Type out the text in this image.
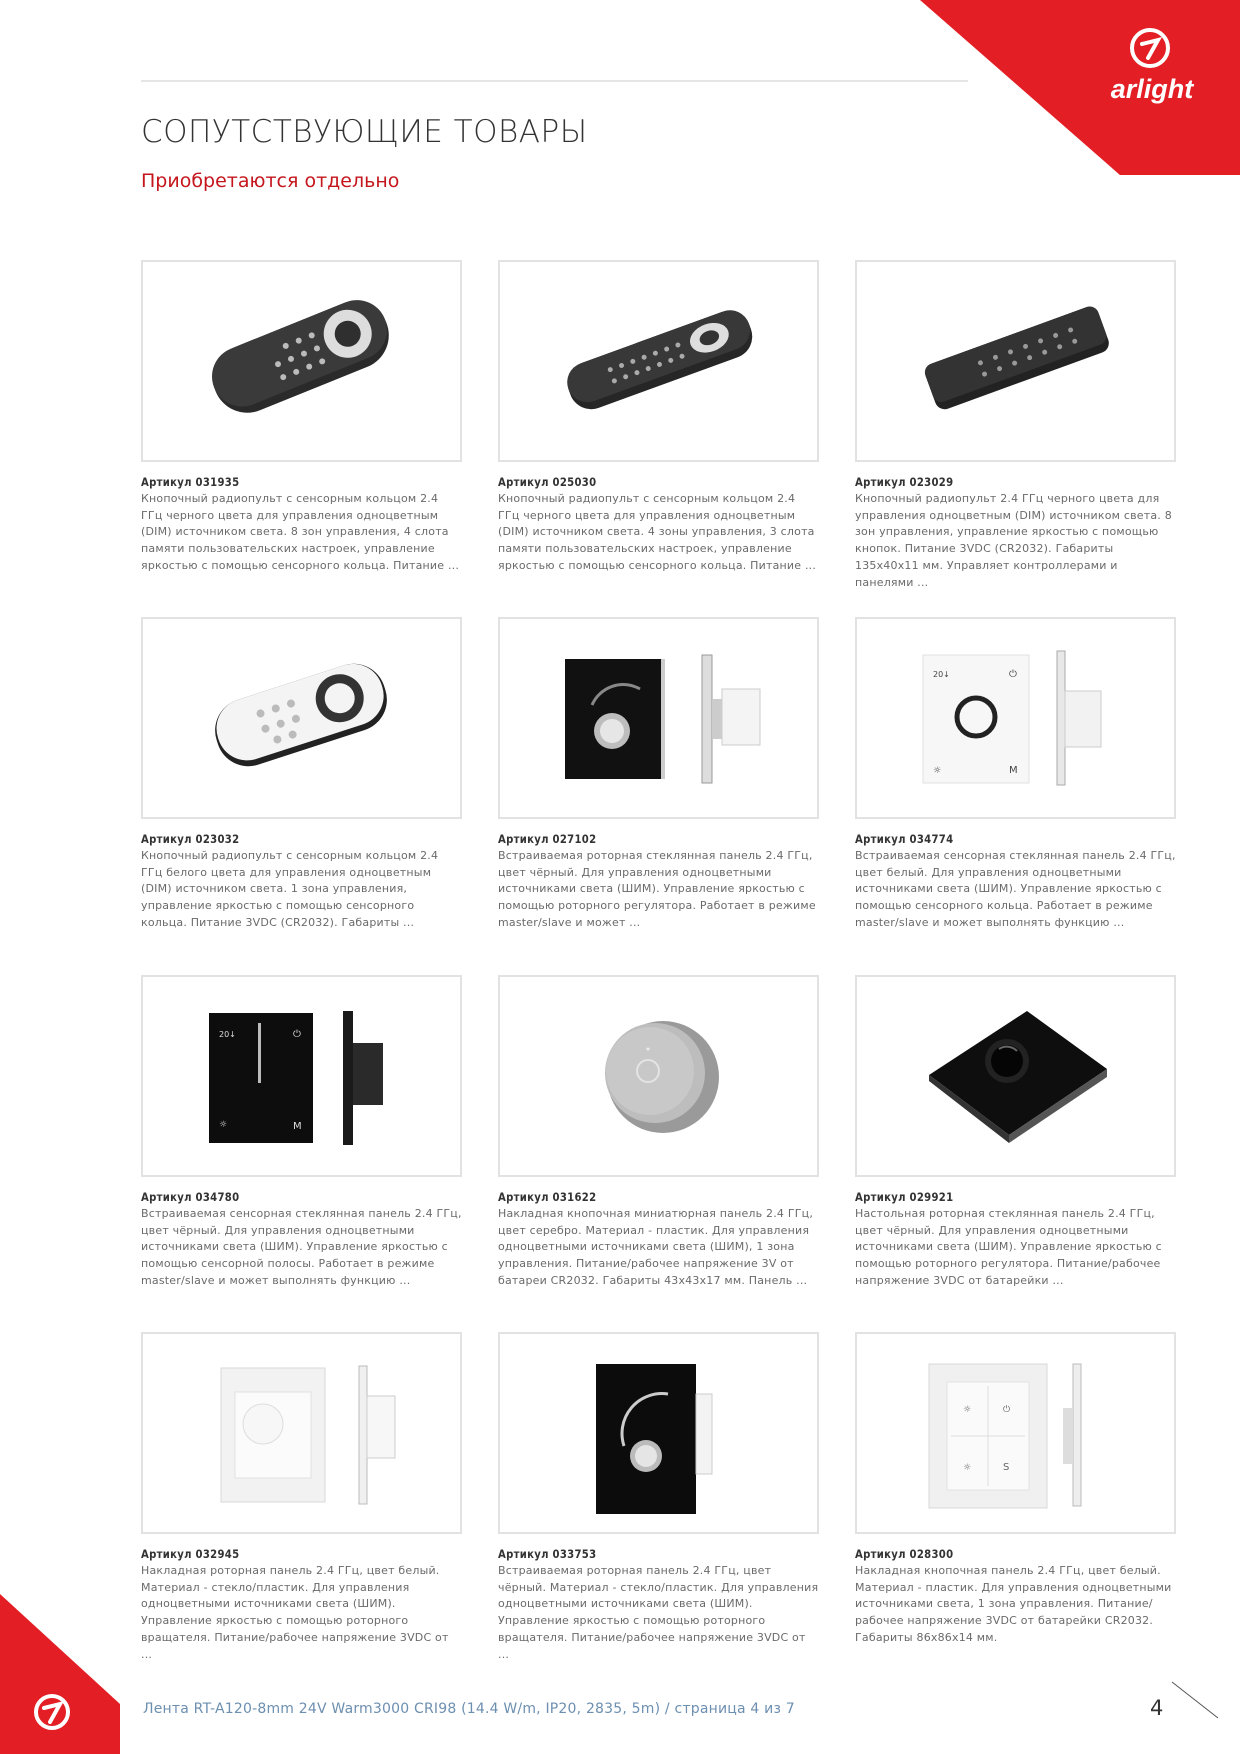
arlight
СОПУТСТВУЮЩИЕ ТОВАРЫ
Приобретаются отдельно
Артикул 031935
Кнопочный радиопульт с сенсорным кольцом 2.4 ГГц черного цвета для управления одноцветным (DIM) источником света. 8 зон управления, 4 слота памяти пользовательских настроек, управление яркостью с помощью сенсорного кольца. Питание ...
Артикул 025030
Кнопочный радиопульт с сенсорным кольцом 2.4 ГГц черного цвета для управления одноцветным (DIM) источником света. 4 зоны управления, 3 слота памяти пользовательских настроек, управление яркостью с помощью сенсорного кольца. Питание ...
Артикул 023029
Кнопочный радиопульт 2.4 ГГц черного цвета для управления одноцветным (DIM) источником света. 8 зон управления, управление яркостью с помощью кнопок. Питание 3VDC (CR2032). Габариты 135x40x11 мм. Управляет контроллерами и панелями ...
Артикул 023032
Кнопочный радиопульт с сенсорным кольцом 2.4 ГГц белого цвета для управления одноцветным (DIM) источником света. 1 зона управления, управление яркостью с помощью сенсорного кольца. Питание 3VDC (CR2032). Габариты ...
Артикул 027102
Встраиваемая роторная стеклянная панель 2.4 ГГц, цвет чёрный. Для управления одноцветными источниками света (ШИМ). Управление яркостью с помощью роторного регулятора. Работает в режиме master/slave и может ...
20↓	⏻
☼	M
Артикул 034774
Встраиваемая сенсорная стеклянная панель 2.4 ГГц, цвет белый. Для управления одноцветными источниками света (ШИМ). Управление яркостью с помощью сенсорного кольца. Работает в режиме master/slave и может выполнять функцию ...
20↓	⏻
☼	M
Артикул 034780
Встраиваемая сенсорная стеклянная панель 2.4 ГГц, цвет чёрный. Для управления одноцветными источниками света (ШИМ). Управление яркостью с помощью сенсорной полосы. Работает в режиме master/slave и может выполнять функцию ...
Артикул 031622
Накладная кнопочная миниатюрная панель 2.4 ГГц, цвет серебро. Материал - пластик. Для управления одноцветными источниками света (ШИМ), 1 зона управления. Питание/рабочее напряжение 3V от батареи CR2032. Габариты 43x43x17 мм. Панель ...
Артикул 029921
Настольная роторная стеклянная панель 2.4 ГГц, цвет чёрный. Для управления одноцветными источниками света (ШИМ). Управление яркостью с помощью роторного регулятора. Питание/рабочее напряжение 3VDC от батарейки ...
Артикул 032945
Накладная роторная панель 2.4 ГГц, цвет белый. Материал - стекло/пластик. Для управления одноцветными источниками света (ШИМ). Управление яркостью с помощью роторного вращателя. Питание/рабочее напряжение 3VDC от ...
Артикул 033753
Встраиваемая роторная панель 2.4 ГГц, цвет чёрный. Материал - стекло/пластик. Для управления одноцветными источниками света (ШИМ). Управление яркостью с помощью роторного вращателя. Питание/рабочее напряжение 3VDC от ...
☼	⏻
☼	S
Артикул 028300
Накладная кнопочная панель 2.4 ГГц, цвет белый. Материал - пластик. Для управления одноцветными источниками света, 1 зона управления. Питание/рабочее напряжение 3VDC от батарейки CR2032. Габариты 86x86x14 мм.
Лента RT-A120-8mm 24V Warm3000 CRI98 (14.4 W/m, IP20, 2835, 5m) / страница 4 из 7	4
